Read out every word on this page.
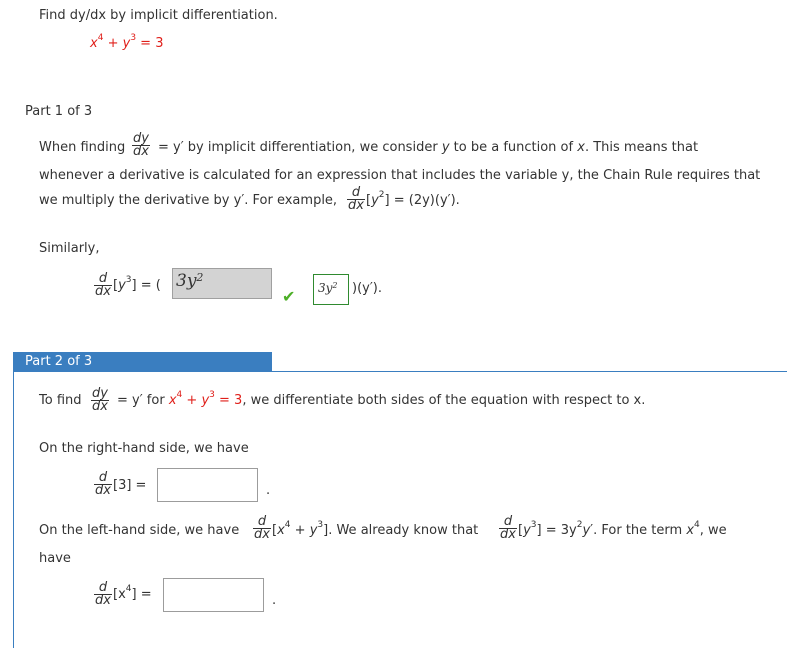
Find dy/dx by implicit differentiation.
$x^4 + y^3 = 3$
Part 1 of 3
When finding $\frac{dy}{dx} = y'$ by implicit differentiation, we consider y to be a function of x. This means that
whenever a derivative is calculated for an expression that includes the variable y, the Chain Rule requires that
we multiply the derivative by y′. For example, $\frac{d}{dx} [y^2] = (2y)(y')$.
Similarly,
$\frac{d}{dx} [y^3]$ = ( $3y^2$
✔	$3y^2$	)(y′).
Part 2 of 3
To find $\frac{dy}{dx} = y'$ for $x^4 + y^3 = 3$, we differentiate both sides of the equation with respect to x.
On the right-hand side, we have
$\frac{d}{dx} [3]$ =	.
On the left-hand side, we have $\frac{d}{dx} [x^4 + y^3]$. We already know that $\frac{d}{dx} [y^3] = 3y^2y'$. For the term $x^4$, we
have
$\frac{d}{dx} [x^4]$ =	.
